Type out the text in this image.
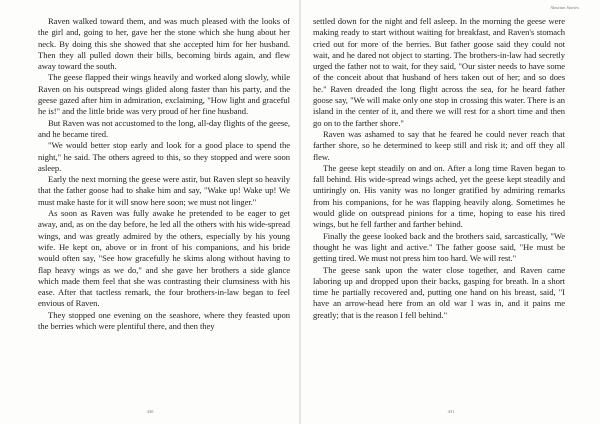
Raven walked toward them, and was much pleased with the looks of the girl and, going to her, gave her the stone which she hung about her neck. By doing this she showed that she accepted him for her husband. Then they all pulled down their bills, becoming birds again, and flew away toward the south.

The geese flapped their wings heavily and worked along slowly, while Raven on his outspread wings glided along faster than his party, and the geese gazed after him in admiration, exclaiming, "How light and graceful he is!" and the little bride was very proud of her fine husband.

But Raven was not accustomed to the long, all-day flights of the geese, and he became tired.

"We would better stop early and look for a good place to spend the night," he said. The others agreed to this, so they stopped and were soon asleep.

Early the next morning the geese were astir, but Raven slept so heavily that the father goose had to shake him and say, "Wake up! Wake up! We must make haste for it will snow here soon; we must not linger."

As soon as Raven was fully awake he pretended to be eager to get away, and, as on the day before, he led all the others with his wide-spread wings, and was greatly admired by the others, especially by his young wife. He kept on, above or in front of his companions, and his bride would often say, "See how gracefully he skims along without having to flap heavy wings as we do," and she gave her brothers a side glance which made them feel that she was contrasting their clumsiness with his ease. After that tactless remark, the four brothers-in-law began to feel envious of Raven.

They stopped one evening on the seashore, where they feasted upon the berries which were plentiful there, and then they

430
Aleutian Stories

settled down for the night and fell asleep. In the morning the geese were making ready to start without waiting for breakfast, and Raven's stomach cried out for more of the berries. But father goose said they could not wait, and he dared not object to starting. The brothers-in-law had secretly urged the father not to wait, for they said, "Our sister needs to have some of the conceit about that husband of hers taken out of her; and so does he." Raven dreaded the long flight across the sea, for he heard father goose say, "We will make only one stop in crossing this water. There is an island in the center of it, and there we will rest for a short time and then go on to the farther shore."

Raven was ashamed to say that he feared he could never reach that farther shore, so he determined to keep still and risk it; and off they all flew.

The geese kept steadily on and on. After a long time Raven began to fall behind. His wide-spread wings ached, yet the geese kept steadily and untiringly on. His vanity was no longer gratified by admiring remarks from his companions, for he was flapping heavily along. Sometimes he would glide on outspread pinions for a time, hoping to ease his tired wings, but he fell farther and farther behind.

Finally the geese looked back and the brothers said, sarcastically, "We thought he was light and active." The father goose said, "He must be getting tired. We must not press him too hard. We will rest."

The geese sank upon the water close together, and Raven came laboring up and dropped upon their backs, gasping for breath. In a short time he partially recovered and, putting one hand on his breast, said, "I have an arrow-head here from an old war I was in, and it pains me greatly; that is the reason I fell behind."

431
